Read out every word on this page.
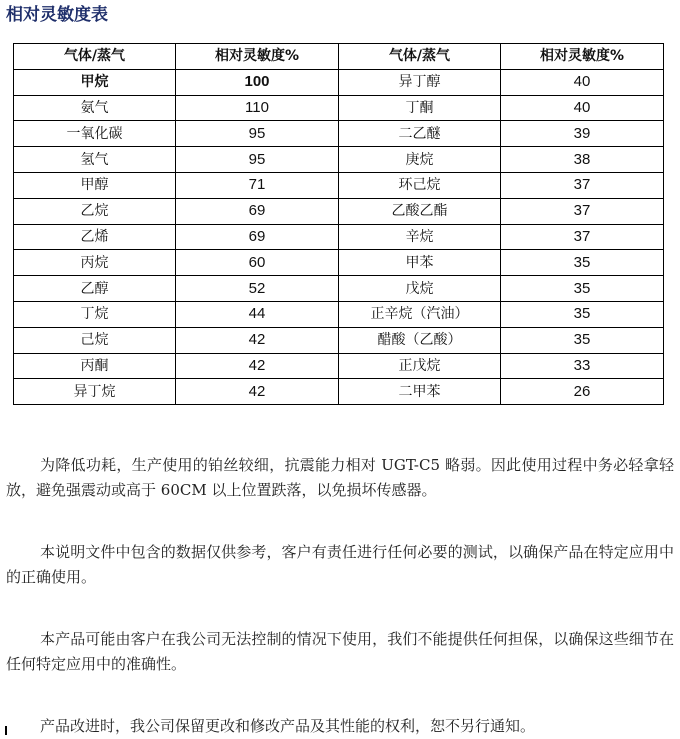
相对灵敏度表
气体/蒸气	相对灵敏度%	气体/蒸气	相对灵敏度%
甲烷	100	异丁醇	40
氨气	110	丁酮	40
一氧化碳	95	二乙醚	39
氢气	95	庚烷	38
甲醇	71	环己烷	37
乙烷	69	乙酸乙酯	37
乙烯	69	辛烷	37
丙烷	60	甲苯	35
乙醇	52	戊烷	35
丁烷	44	正辛烷（汽油）	35
己烷	42	醋酸（乙酸）	35
丙酮	42	正戊烷	33
异丁烷	42	二甲苯	26

为降低功耗，生产使用的铂丝较细，抗震能力相对 UGT-C5 略弱。因此使用过程中务必轻拿轻放，避免强震动或高于 60CM 以上位置跌落，以免损坏传感器。

本说明文件中包含的数据仅供参考，客户有责任进行任何必要的测试，以确保产品在特定应用中的正确使用。

本产品可能由客户在我公司无法控制的情况下使用，我们不能提供任何担保，以确保这些细节在任何特定应用中的准确性。

产品改进时，我公司保留更改和修改产品及其性能的权利，恕不另行通知。
